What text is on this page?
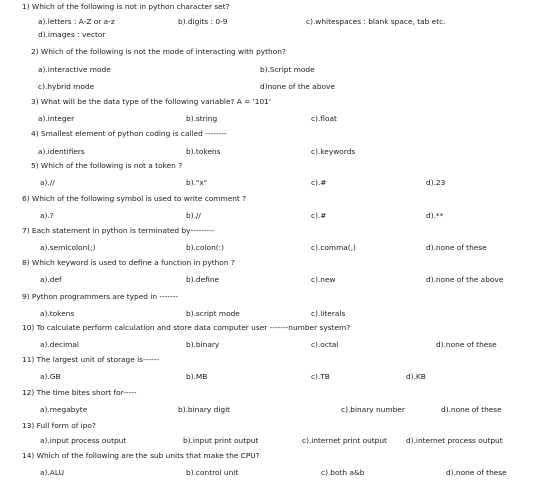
1) Which of the following is not in python character set?
a).letters : A-Z or a-z	b).digits : 0-9	c).whitespaces : blank space, tab etc.
d).images : vector
2) Which of the following is not the mode of interacting with python?
a).interactive mode	b).Script mode
c).hybrid mode	d)none of the above
3) What will be the data type of the following variable? A = '101'
a).integer	b).string	c).float
4) Smallest element of python coding is called --------
a).identifiers	b).tokens	c).keywords
5) Which of the following is not a token ?
a).//	b)."x"	c).#	d).23
6) Which of the following symbol is used to write comment ?
a).?	b).//	c).#	d).**
7) Each statement in python is terminated by---------
a).semicolon(;)	b).colon(:)	c).comma(,)	d).none of these
8) Which keyword is used to define a function in python ?
a).def	b).define	c).new	d).none of the above
9) Python programmers are typed in -------
a).tokens	b).script mode	c).literals
10) To calculate perform calculation and store data computer user -------number system?
a).decimal	b).binary	c).octal	d).none of these
11) The largest unit of storage is------
a).GB	b).MB	c).TB	d).KB
12) The time bites short for-----
a).megabyte	b).binary digit	c).binary number	d).none of these
13) Full form of ipo?
a).input process output	b).input print output	c).internet print output	d).internet process output
14) Which of the following are the sub units that make the CPU?
a).ALU	b).control unit	c).both a&b	d).none of these
